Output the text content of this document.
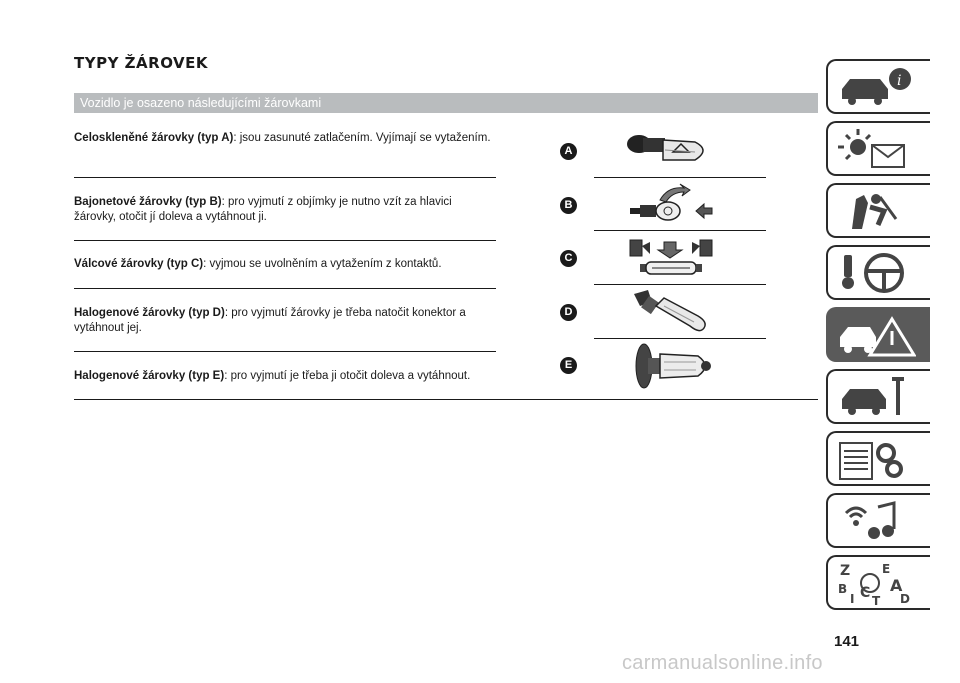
TYPY ŽÁROVEK
Vozidlo je osazeno následujícími žárovkami
Celoskleněné žárovky (typ A): jsou zasunuté zatlačením. Vyjímají se vytažením.
Bajonetové žárovky (typ B): pro vyjmutí z objímky je nutno vzít za hlavici žárovky, otočit jí doleva a vytáhnout ji.
Válcové žárovky (typ C): vyjmou se uvolněním a vytažením z kontaktů.
Halogenové žárovky (typ D): pro vyjmutí žárovky je třeba natočit konektor a vytáhnout jej.
Halogenové žárovky (typ E): pro vyjmutí je třeba ji otočit doleva a vytáhnout.
A
B
C
D
E
i
Z	E
B	A
I C T D
141
carmanualsonline.info
